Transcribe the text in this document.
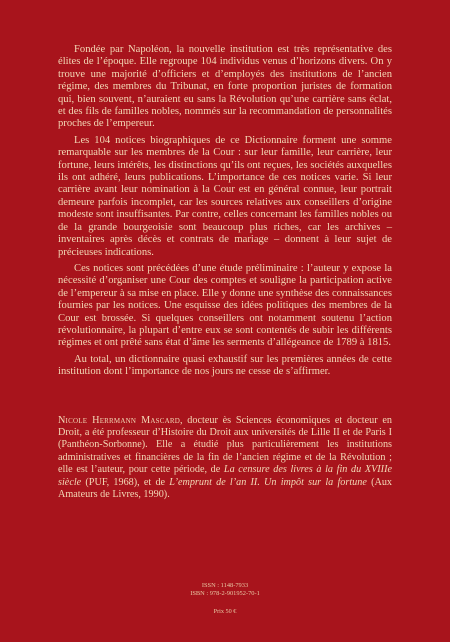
Fondée par Napoléon, la nouvelle institution est très représentative des élites de l’époque. Elle regroupe 104 individus venus d’horizons divers. On y trouve une majorité d’officiers et d’employés des institutions de l’ancien régime, des membres du Tribunat, en forte proportion juristes de formation qui, bien souvent, n’auraient eu sans la Révolution qu’une carrière sans éclat, et des fils de familles nobles, nommés sur la recommandation de personnalités proches de l’empereur.

Les 104 notices biographiques de ce Dictionnaire forment une somme remarquable sur les membres de la Cour : sur leur famille, leur carrière, leur fortune, leurs intérêts, les distinctions qu’ils ont reçues, les sociétés auxquelles ils ont adhéré, leurs publications. L’importance de ces notices varie. Si leur carrière avant leur nomination à la Cour est en général connue, leur portrait demeure parfois incomplet, car les sources relatives aux conseillers d’origine modeste sont insuffisantes. Par contre, celles concernant les familles nobles ou de la grande bourgeoisie sont beaucoup plus riches, car les archives – inventaires après décès et contrats de mariage – donnent à leur sujet de précieuses indications.

Ces notices sont précédées d’une étude préliminaire : l’auteur y expose la nécessité d’organiser une Cour des comptes et souligne la participation active de l’empereur à sa mise en place. Elle y donne une synthèse des connaissances fournies par les notices. Une esquisse des idées politiques des membres de la Cour est brossée. Si quelques conseillers ont notamment soutenu l’action révolutionnaire, la plupart d’entre eux se sont contentés de subir les différents régimes et ont prêté sans état d’âme les serments d’allégeance de 1789 à 1815.

Au total, un dictionnaire quasi exhaustif sur les premières années de cette institution dont l’importance de nos jours ne cesse de s’affirmer.

Nicole Herrmann Mascard, docteur ès Sciences économiques et docteur en Droit, a été professeur d’Histoire du Droit aux universités de Lille II et de Paris I (Panthéon-Sorbonne). Elle a étudié plus particulièrement les institutions administratives et financières de la fin de l’ancien régime et de la Révolution ; elle est l’auteur, pour cette période, de La censure des livres à la fin du XVIIIe siècle (PUF, 1968), et de L’emprunt de l’an II. Un impôt sur la fortune (Aux Amateurs de Livres, 1990).

ISSN : 1148-7933
ISBN : 978-2-901952-70-1
Prix 50 €
